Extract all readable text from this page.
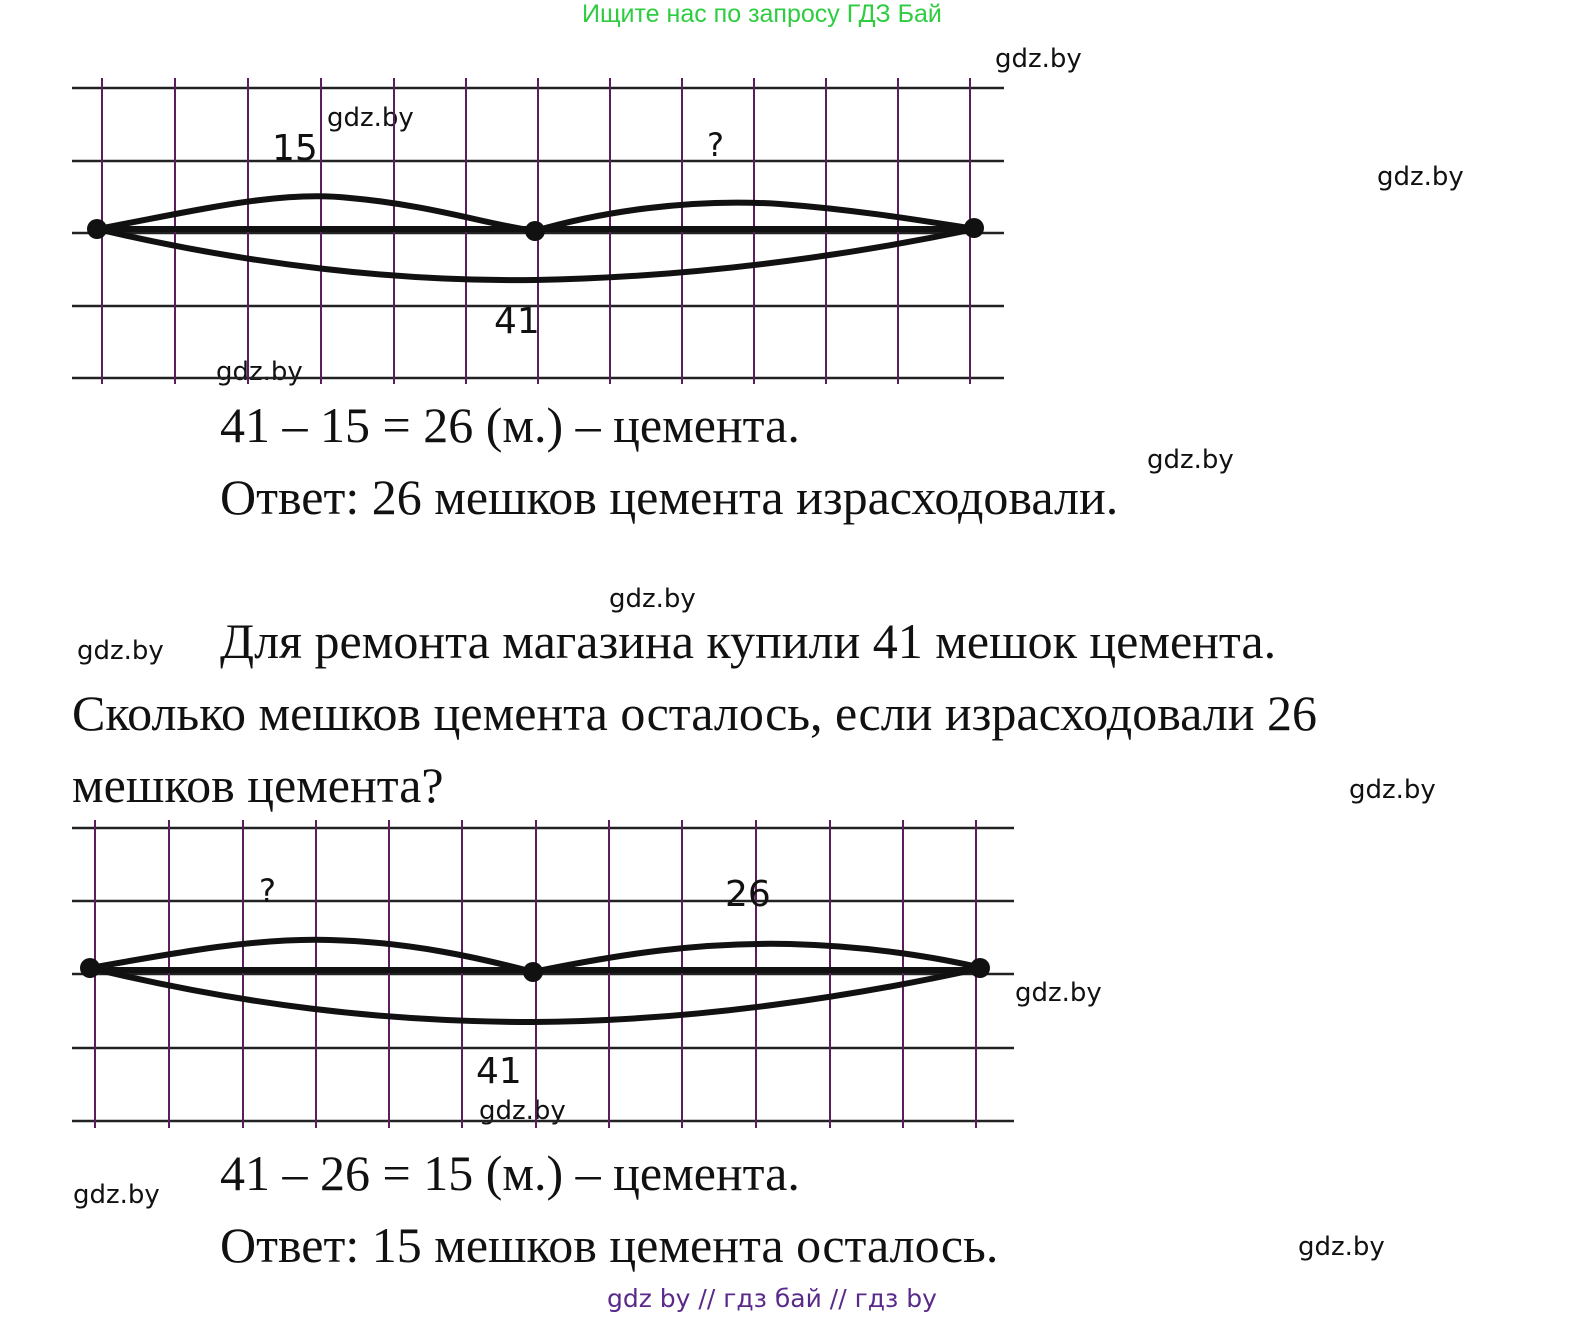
Ищите нас по запросу ГДЗ Бай
gdz.by
gdz.by
gdz.by
gdz.by
gdz.by
gdz.by
gdz.by
gdz.by
gdz.by
gdz.by
gdz.by
gdz.by
15	?
41
41 – 15 = 26 (м.) – цемента.
Ответ: 26 мешков цемента израсходовали.
Для ремонта магазина купили 41 мешок цемента.
Сколько мешков цемента осталось, если израсходовали 26
мешков цемента?
?	26
41
41 – 26 = 15 (м.) – цемента.
Ответ: 15 мешков цемента осталось.
gdz by // гдз бай // гдз by
